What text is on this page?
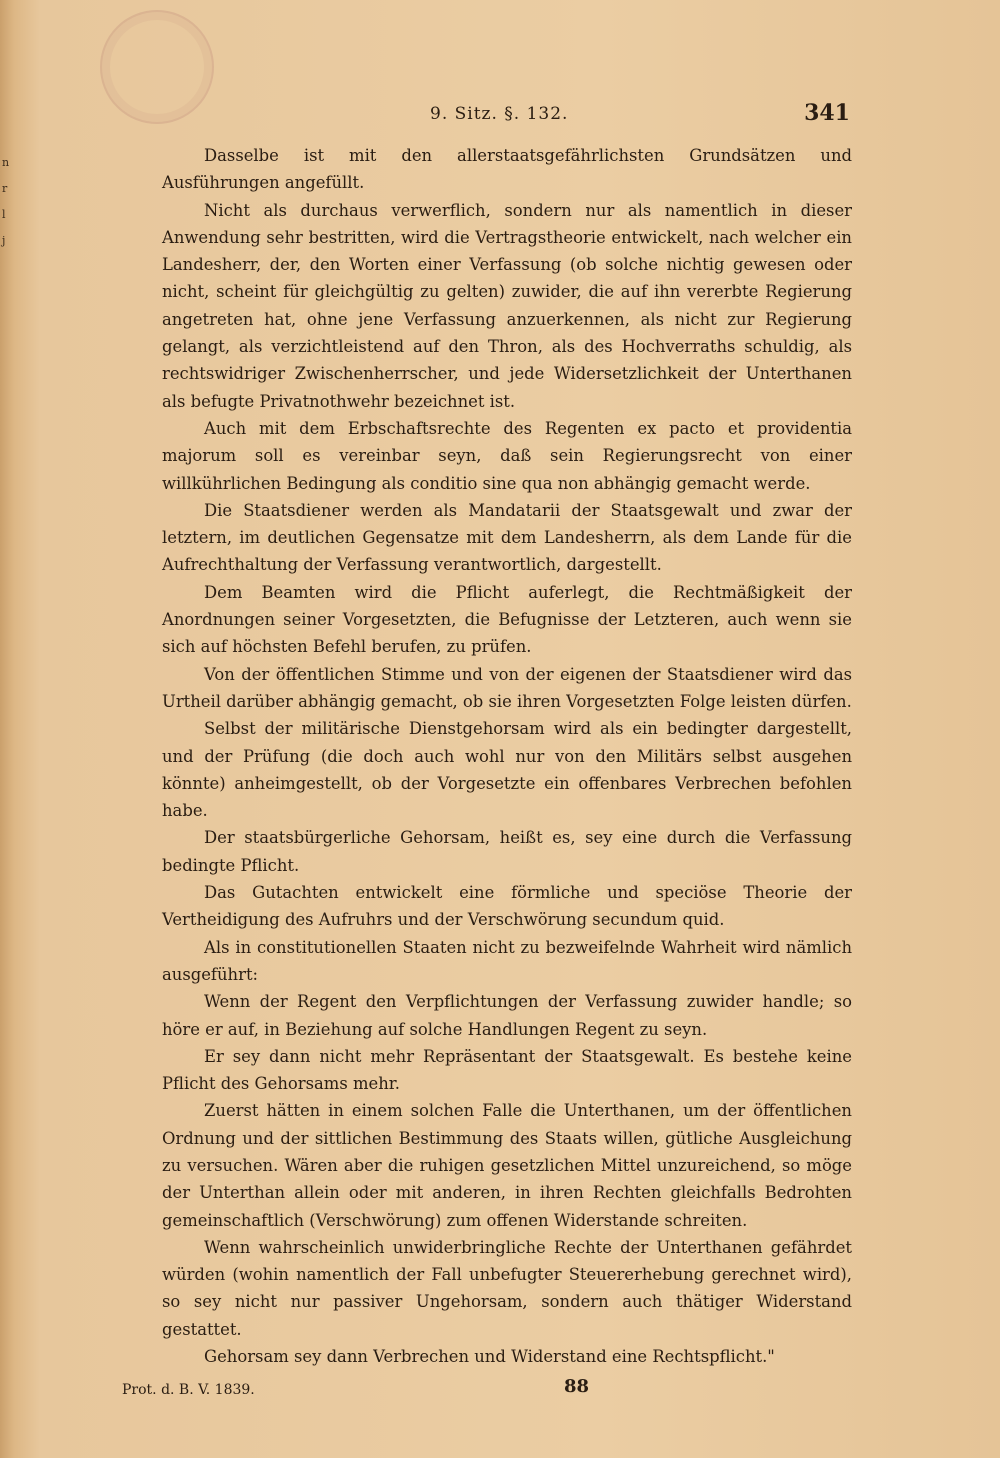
n
r
l
j
9. Sitz. §. 132.	341

Dasselbe ist mit den allerstaatsgefährlichsten Grundsätzen und Ausführungen angefüllt.

Nicht als durchaus verwerflich, sondern nur als namentlich in dieser Anwendung sehr bestritten, wird die Vertragstheorie entwickelt, nach welcher ein Landesherr, der, den Worten einer Verfassung (ob solche nichtig gewesen oder nicht, scheint für gleichgültig zu gelten) zuwider, die auf ihn vererbte Regierung angetreten hat, ohne jene Verfassung anzuerkennen, als nicht zur Regierung gelangt, als verzichtleistend auf den Thron, als des Hochverraths schuldig, als rechtswidriger Zwischenherrscher, und jede Widersetzlichkeit der Unterthanen als befugte Privatnothwehr bezeichnet ist.

Auch mit dem Erbschaftsrechte des Regenten ex pacto et providentia majorum soll es vereinbar seyn, daß sein Regierungsrecht von einer willkührlichen Bedingung als conditio sine qua non abhängig gemacht werde.

Die Staatsdiener werden als Mandatarii der Staatsgewalt und zwar der letztern, im deutlichen Gegensatze mit dem Landesherrn, als dem Lande für die Aufrechthaltung der Verfassung verantwortlich, dargestellt.

Dem Beamten wird die Pflicht auferlegt, die Rechtmäßigkeit der Anordnungen seiner Vorgesetzten, die Befugnisse der Letzteren, auch wenn sie sich auf höchsten Befehl berufen, zu prüfen.

Von der öffentlichen Stimme und von der eigenen der Staatsdiener wird das Urtheil darüber abhängig gemacht, ob sie ihren Vorgesetzten Folge leisten dürfen.

Selbst der militärische Dienstgehorsam wird als ein bedingter dargestellt, und der Prüfung (die doch auch wohl nur von den Militärs selbst ausgehen könnte) anheimgestellt, ob der Vorgesetzte ein offenbares Verbrechen befohlen habe.

Der staatsbürgerliche Gehorsam, heißt es, sey eine durch die Verfassung bedingte Pflicht.

Das Gutachten entwickelt eine förmliche und speciöse Theorie der Vertheidigung des Aufruhrs und der Verschwörung secundum quid.

Als in constitutionellen Staaten nicht zu bezweifelnde Wahrheit wird nämlich ausgeführt:

Wenn der Regent den Verpflichtungen der Verfassung zuwider handle; so höre er auf, in Beziehung auf solche Handlungen Regent zu seyn.

Er sey dann nicht mehr Repräsentant der Staatsgewalt. Es bestehe keine Pflicht des Gehorsams mehr.

Zuerst hätten in einem solchen Falle die Unterthanen, um der öffentlichen Ordnung und der sittlichen Bestimmung des Staats willen, gütliche Ausgleichung zu versuchen. Wären aber die ruhigen gesetzlichen Mittel unzureichend, so möge der Unterthan allein oder mit anderen, in ihren Rechten gleichfalls Bedrohten gemeinschaftlich (Verschwörung) zum offenen Widerstande schreiten.

Wenn wahrscheinlich unwiderbringliche Rechte der Unterthanen gefährdet würden (wohin namentlich der Fall unbefugter Steuererhebung gerechnet wird), so sey nicht nur passiver Ungehorsam, sondern auch thätiger Widerstand gestattet.

Gehorsam sey dann Verbrechen und Widerstand eine Rechtspflicht."

Prot. d. B. V. 1839.	88
